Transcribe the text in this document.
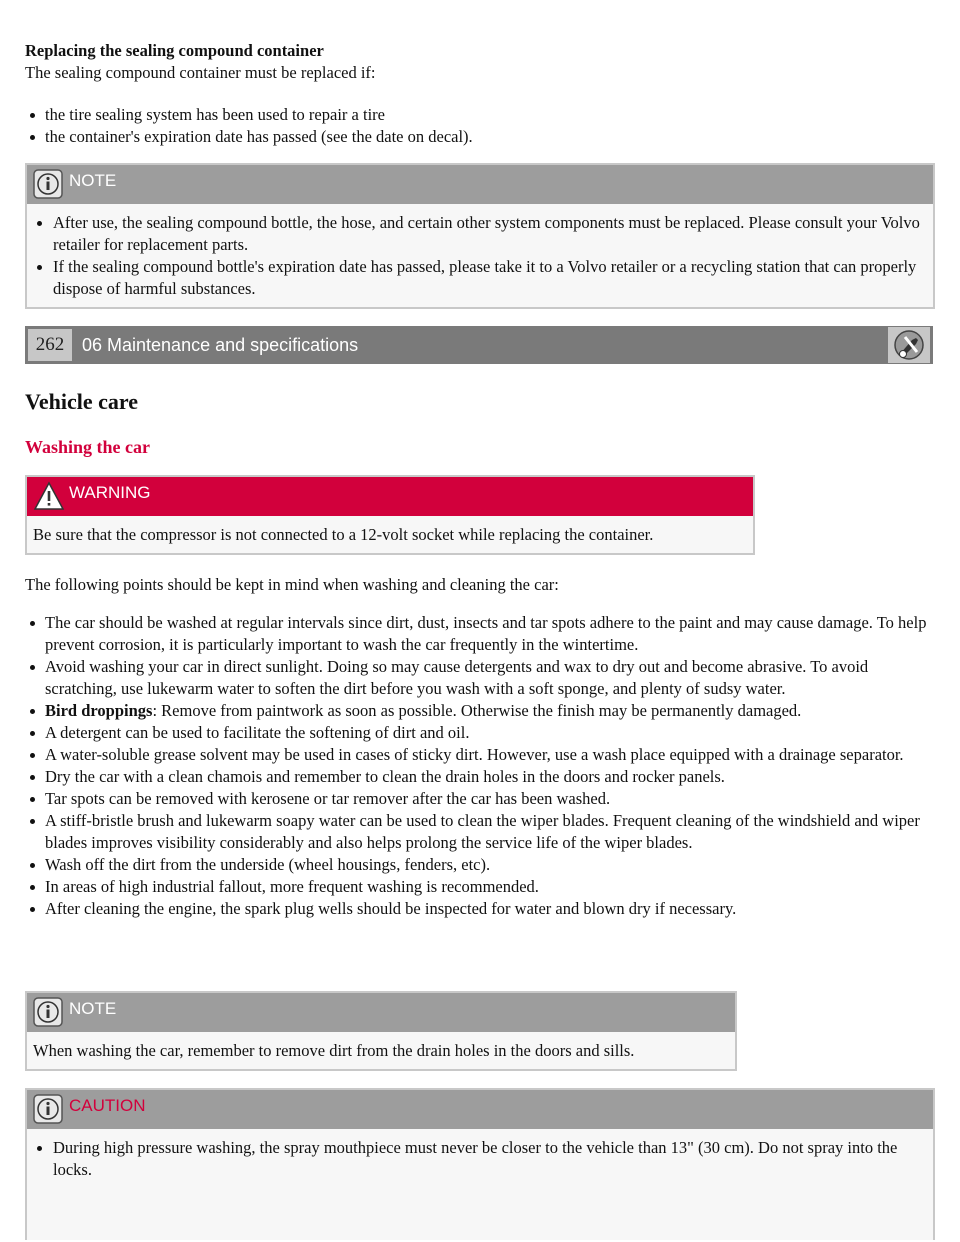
Replacing the sealing compound container

The sealing compound container must be replaced if:

the tire sealing system has been used to repair a tire
the container's expiration date has passed (see the date on decal).
NOTE
After use, the sealing compound bottle, the hose, and certain other system components must be replaced. Please consult your Volvo retailer for replacement parts.
If the sealing compound bottle's expiration date has passed, please take it to a Volvo retailer or a recycling station that can properly dispose of harmful substances.
262 06 Maintenance and specifications
Vehicle care
Washing the car
WARNING

Be sure that the compressor is not connected to a 12-volt socket while replacing the container.

The following points should be kept in mind when washing and cleaning the car:

The car should be washed at regular intervals since dirt, dust, insects and tar spots adhere to the paint and may cause damage. To help prevent corrosion, it is particularly important to wash the car frequently in the wintertime.
Avoid washing your car in direct sunlight. Doing so may cause detergents and wax to dry out and become abrasive. To avoid scratching, use lukewarm water to soften the dirt before you wash with a soft sponge, and plenty of sudsy water.
Bird droppings: Remove from paintwork as soon as possible. Otherwise the finish may be permanently damaged.
A detergent can be used to facilitate the softening of dirt and oil.
A water-soluble grease solvent may be used in cases of sticky dirt. However, use a wash place equipped with a drainage separator.
Dry the car with a clean chamois and remember to clean the drain holes in the doors and rocker panels.
Tar spots can be removed with kerosene or tar remover after the car has been washed.
A stiff-bristle brush and lukewarm soapy water can be used to clean the wiper blades. Frequent cleaning of the windshield and wiper blades improves visibility considerably and also helps prolong the service life of the wiper blades.
Wash off the dirt from the underside (wheel housings, fenders, etc).
In areas of high industrial fallout, more frequent washing is recommended.
After cleaning the engine, the spark plug wells should be inspected for water and blown dry if necessary.
NOTE

When washing the car, remember to remove dirt from the drain holes in the doors and sills.

CAUTION
During high pressure washing, the spray mouthpiece must never be closer to the vehicle than 13" (30 cm). Do not spray into the locks.
